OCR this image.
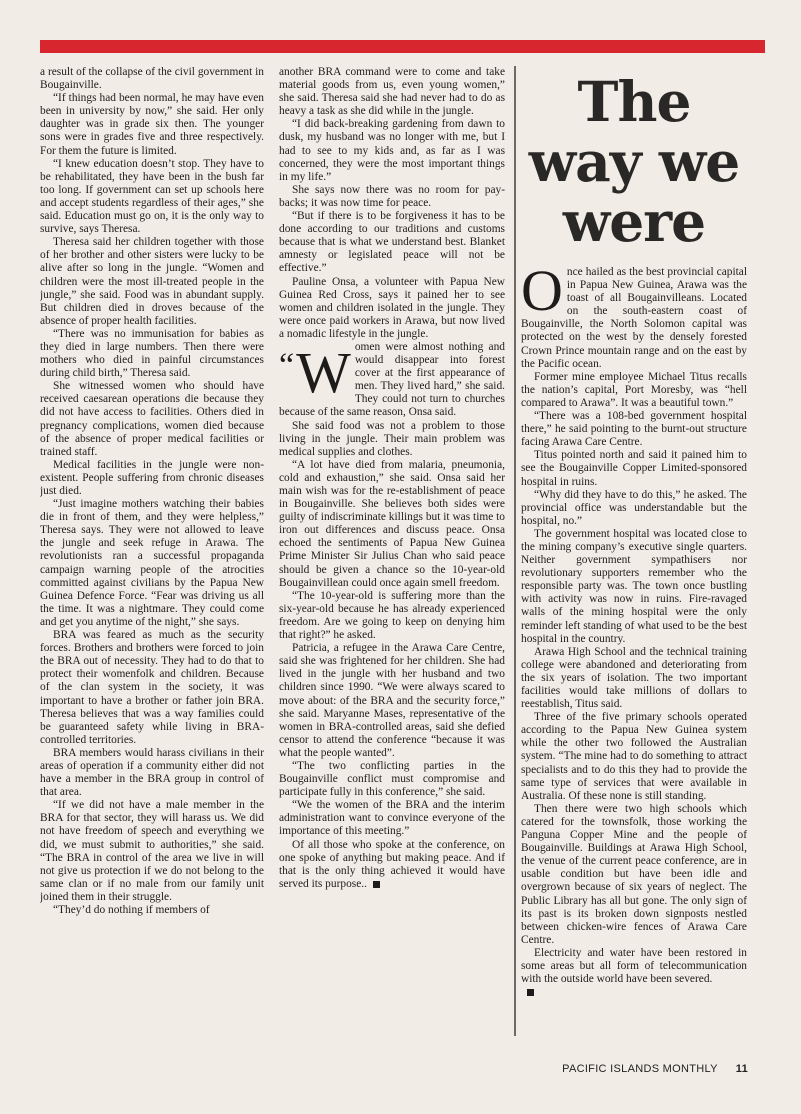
a result of the collapse of the civil government in Bougainville.

“If things had been normal, he may have even been in university by now,” she said. Her only daughter was in grade six then. The younger sons were in grades five and three respectively. For them the future is limited.

“I knew education doesn’t stop. They have to be rehabilitated, they have been in the bush far too long. If government can set up schools here and accept students regardless of their ages,” she said. Education must go on, it is the only way to survive, says Theresa.

Theresa said her children together with those of her brother and other sisters were lucky to be alive after so long in the jungle. “Women and children were the most ill-treated people in the jungle,” she said. Food was in abundant supply. But children died in droves because of the absence of proper health facilities.

“There was no immunisation for babies as they died in large numbers. Then there were mothers who died in painful circumstances during child birth,” Theresa said.

She witnessed women who should have received caesarean operations die because they did not have access to facilities. Others died in pregnancy complications, women died because of the absence of proper medical facilities or trained staff.

Medical facilities in the jungle were non-existent. People suffering from chronic diseases just died.

“Just imagine mothers watching their babies die in front of them, and they were helpless,” Theresa says. They were not allowed to leave the jungle and seek refuge in Arawa. The revolutionists ran a successful propaganda campaign warning people of the atrocities committed against civilians by the Papua New Guinea Defence Force. “Fear was driving us all the time. It was a nightmare. They could come and get you anytime of the night,” she says.

BRA was feared as much as the security forces. Brothers and brothers were forced to join the BRA out of necessity. They had to do that to protect their womenfolk and children. Because of the clan system in the society, it was important to have a brother or father join BRA. Theresa believes that was a way families could be guaranteed safety while living in BRA-controlled territories.

BRA members would harass civilians in their areas of operation if a community either did not have a member in the BRA group in control of that area.

“If we did not have a male member in the BRA for that sector, they will harass us. We did not have freedom of speech and everything we did, we must submit to authorities,” she said. “The BRA in control of the area we live in will not give us protection if we do not belong to the same clan or if no male from our family unit joined them in their struggle.

“They’d do nothing if members of

another BRA command were to come and take material goods from us, even young women,” she said. Theresa said she had never had to do as heavy a task as she did while in the jungle.

“I did back-breaking gardening from dawn to dusk, my husband was no longer with me, but I had to see to my kids and, as far as I was concerned, they were the most important things in my life.”

She says now there was no room for pay-backs; it was now time for peace.

“But if there is to be forgiveness it has to be done according to our traditions and customs because that is what we understand best. Blanket amnesty or legislated peace will not be effective.”

Pauline Onsa, a volunteer with Papua New Guinea Red Cross, says it pained her to see women and children isolated in the jungle. They were once paid workers in Arawa, but now lived a nomadic lifestyle in the jungle.

“W omen were almost nothing and would disappear into forest cover at the first appearance of men. They lived hard,” she said. They could not turn to churches because of the same reason, Onsa said.

She said food was not a problem to those living in the jungle. Their main problem was medical supplies and clothes.

“A lot have died from malaria, pneumonia, cold and exhaustion,” she said. Onsa said her main wish was for the re-establishment of peace in Bougainville. She believes both sides were guilty of indiscriminate killings but it was time to iron out differences and discuss peace. Onsa echoed the sentiments of Papua New Guinea Prime Minister Sir Julius Chan who said peace should be given a chance so the 10-year-old Bougainvillean could once again smell freedom.

“The 10-year-old is suffering more than the six-year-old because he has already experienced freedom. Are we going to keep on denying him that right?” he asked.

Patricia, a refugee in the Arawa Care Centre, said she was frightened for her children. She had lived in the jungle with her husband and two children since 1990. “We were always scared to move about: of the BRA and the security force,” she said. Maryanne Mases, representative of the women in BRA-controlled areas, said she defied censor to attend the conference “because it was what the people wanted”.

“The two conflicting parties in the Bougainville conflict must compromise and participate fully in this conference,” she said.

“We the women of the BRA and the interim administration want to convince everyone of the importance of this meeting.”

Of all those who spoke at the conference, on one spoke of anything but making peace. And if that is the only thing achieved it would have served its purpose..

The way we were

Once hailed as the best provincial capital in Papua New Guinea, Arawa was the toast of all Bougainvilleans. Located on the south-eastern coast of Bougainville, the North Solomon capital was protected on the west by the densely forested Crown Prince mountain range and on the east by the Pacific ocean.

Former mine employee Michael Titus recalls the nation’s capital, Port Moresby, was “hell compared to Arawa”. It was a beautiful town.”

“There was a 108-bed government hospital there,” he said pointing to the burnt-out structure facing Arawa Care Centre.

Titus pointed north and said it pained him to see the Bougainville Copper Limited-sponsored hospital in ruins.

“Why did they have to do this,” he asked. The provincial office was understandable but the hospital, no.”

The government hospital was located close to the mining company’s executive single quarters. Neither government sympathisers nor revolutionary supporters remember who the responsible party was. The town once bustling with activity was now in ruins. Fire-ravaged walls of the mining hospital were the only reminder left standing of what used to be the best hospital in the country.

Arawa High School and the technical training college were abandoned and deteriorating from the six years of isolation. The two important facilities would take millions of dollars to reestablish, Titus said.

Three of the five primary schools operated according to the Papua New Guinea system while the other two followed the Australian system. “The mine had to do something to attract specialists and to do this they had to provide the same type of services that were available in Australia. Of these none is still standing.

Then there were two high schools which catered for the townsfolk, those working the Panguna Copper Mine and the people of Bougainville. Buildings at Arawa High School, the venue of the current peace conference, are in usable condition but have been idle and overgrown because of six years of neglect. The Public Library has all but gone. The only sign of its past is its broken down signposts nestled between chicken-wire fences of Arawa Care Centre.

Electricity and water have been restored in some areas but all form of telecommunication with the outside world have been severed.

PACIFIC ISLANDS MONTHLY 11
